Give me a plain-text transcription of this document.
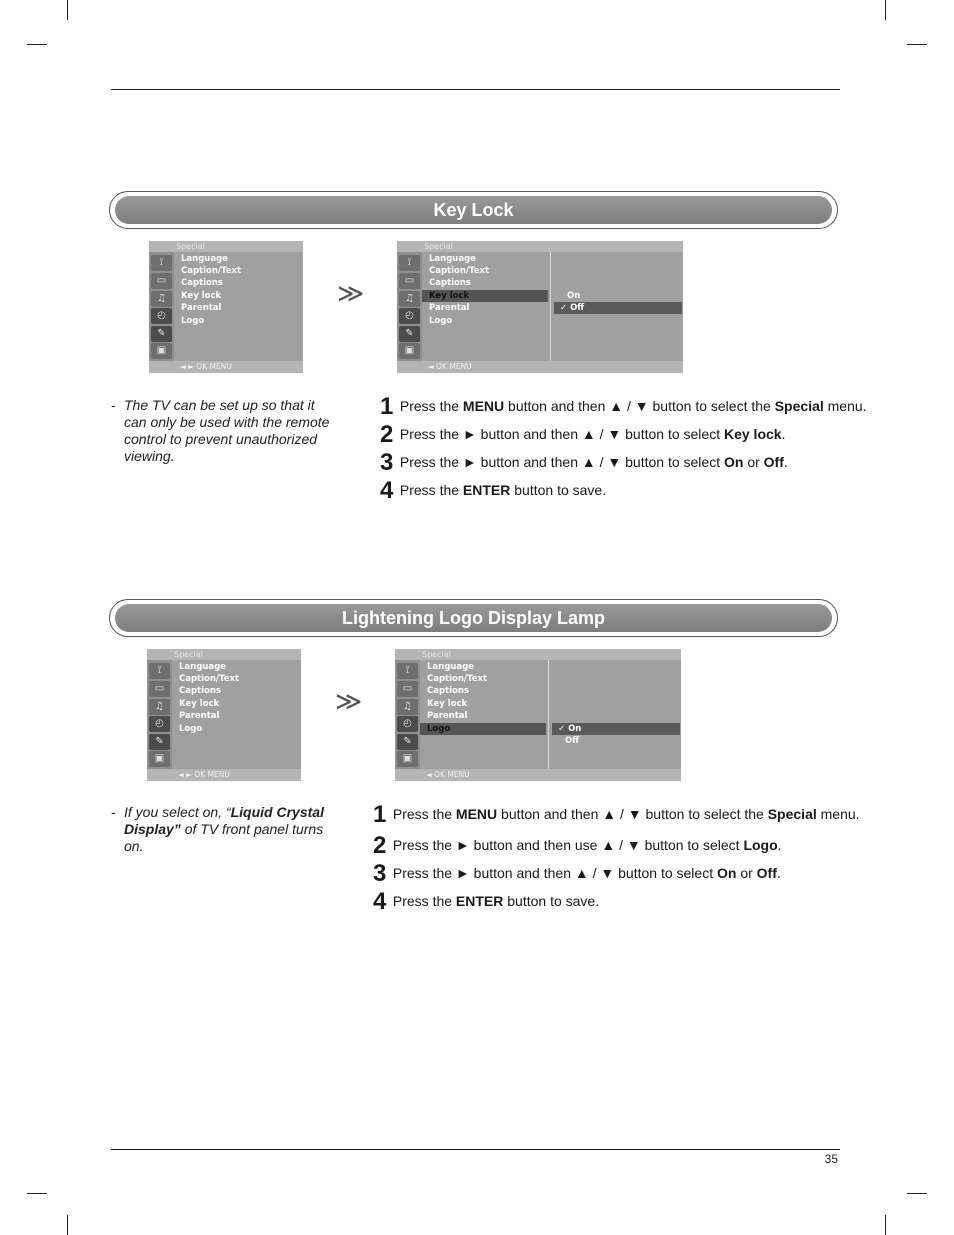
Key Lock
Special
⟟
▭
♫
◴
✎
▣
Language
Caption/Text
Captions
Key lock
Parental
Logo
◄ ► OK MENU
≫
Special
⟟
▭
♫
◴
✎
▣
Language
Caption/Text
Captions
Key lock
Parental
Logo
On
✓ Off
◄ OK MENU
- The TV can be set up so that it can only be used with the remote control to prevent unauthorized viewing.
1 Press the MENU button and then ▲ / ▼ button to select the Special menu.
2 Press the ► button and then ▲ / ▼ button to select Key lock.
3 Press the ► button and then ▲ / ▼ button to select On or Off.
4 Press the ENTER button to save.
Lightening Logo Display Lamp
Special
⟟
▭
♫
◴
✎
▣
Language
Caption/Text
Captions
Key lock
Parental
Logo
◄ ► OK MENU
≫
Special
⟟
▭
♫
◴
✎
▣
Language
Caption/Text
Captions
Key lock
Parental
Logo	✓ On
Off
◄ OK MENU
- If you select on, “Liquid Crystal Display” of TV front panel turns on.
1 Press the MENU button and then ▲ / ▼ button to select the Special menu.
2 Press the ► button and then use ▲ / ▼ button to select Logo.
3 Press the ► button and then ▲ / ▼ button to select On or Off.
4 Press the ENTER button to save.
35
